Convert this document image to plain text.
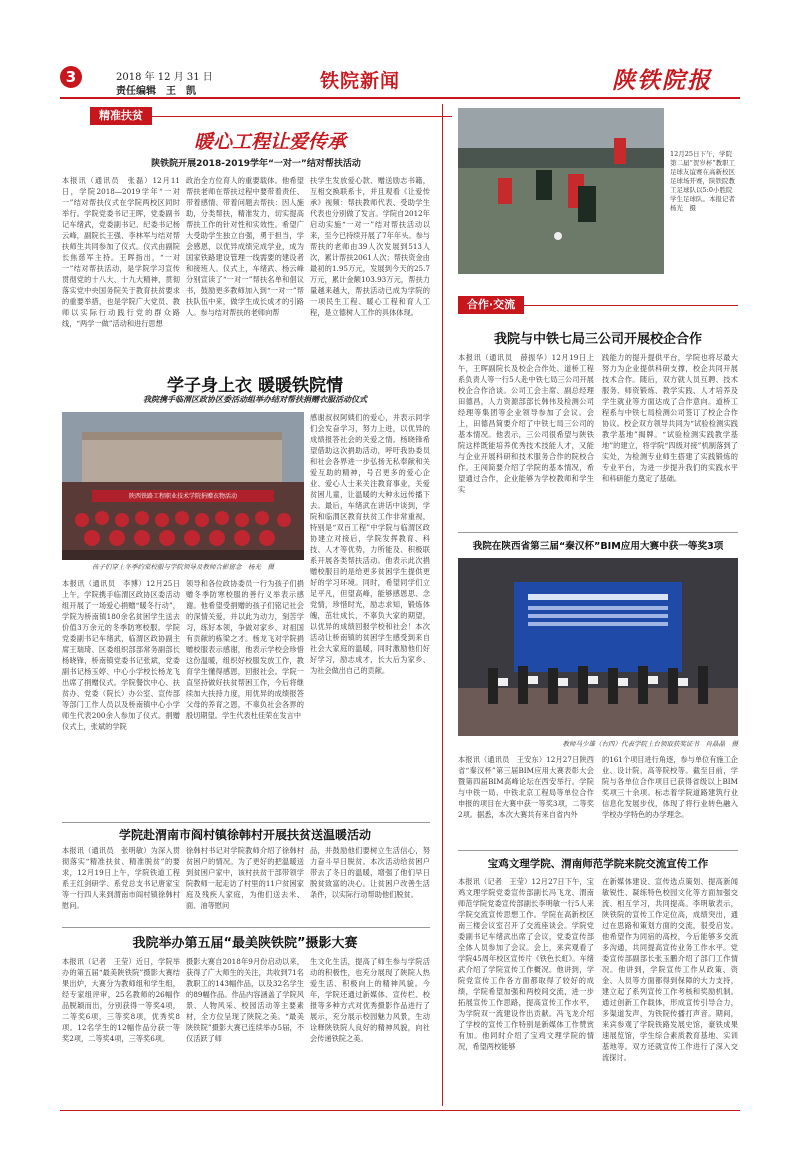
3	2018 年 12 月 31 日
责任编辑　王　凯	铁院新闻	陕铁院报
精准扶贫
暖心工程让爱传承
陕铁院开展2018-2019学年“一对一”结对帮扶活动
本报讯（通讯员　张磊）12月11日，学院2018—2019学年“一对一”结对帮扶仪式在学院两校区同时举行。学院党委书记王晖，党委副书记车绪武，党委副书记、纪委书记杨云峰，副院长王强、李林军与结对帮扶师生共同参加了仪式。仪式由副院长焦慈军主持。王晖指出，“一对一”结对帮扶活动，是学院学习宣传贯彻党的十八大、十九大精神，贯彻落实党中央国务院关于教育扶贫要求的重要举措，也是学院广大党员、教师以实际行动践行党的群众路线，“两学一做”活动和进行思想
政治全方位育人的重要载体。他希望帮扶老师在帮扶过程中要带着责任、带着感情、带着问题去帮扶：因人施助，分类帮扶，精准发力，切实提高帮扶工作的针对性和实效性。希望广大受助学生独立自强，勇于担当，学会感恩，以优异成绩完成学业，成为国家铁路建设管理一线需要的建设者和接班人。仪式上，车绪武、杨云峰分别宣读了“一对一”帮扶名单和倡议书，鼓励更多教师加入到“一对一”帮扶队伍中来，做学生成长成才的引路人。参与结对帮扶的老师向帮
扶学生发放爱心款、赠送励志书籍，互相交换联系卡，并且观看《让爱传承》视频：帮扶教师代表、受助学生代表也分别做了发言。学院自2012年启动实施“一对一”结对帮扶活动以来，至今已持续开展了7年年头。参与帮扶的老师由39人次发展到513人次，累计帮扶2061人次；帮扶资金由最初的1.95万元，发展到今天的25.7万元，累计金额103.93万元，帮扶力量越来越大，帮扶活动已成为学院的一项民生工程、暖心工程和育人工程，是立德树人工作的具体体现。
学子身上衣 暖暖铁院情
我院携手临渭区政协区委活动组举办结对帮扶捐赠衣服活动仪式
陕西铁路工程职业技术学院捐赠衣物活动
孩子们穿上冬季约棠校服与学院领导及教师合影留念　杨光　摄
本报讯（通讯员　李博）12月25日上午，学院携手临渭区政协区委活动组开展了一场爱心捐赠“暖冬行动”，学院为桥南镇180余名贫困学生送去价值3万余元的冬季防寒校服。学院党委副书记车绪武，临渭区政协副主席王瑞琦、区委组织部部常务副部长杨晓锋，桥南镇党委书记张斌，党委副书记杨玉婷、中心小学校长杨龙飞出席了捐赠仪式。学院餐饮中心、扶贫办、党委（院长）办公室、宣传部等部门工作人员以及桥南镇中心小学师生代表200余人参加了仪式。捐赠仪式上，张斌的学院
领导和各位政协委员一行为孩子们捐赠冬季防寒校服的善行义举表示感谢。他希望受捐赠的孩子们铭记社会的深情关爱，并以此为动力，刻苦学习，练好本领，争做对家乡、对祖国有贡献的栋梁之才。杨龙飞对学院捐赠校服表示感谢，他表示学校会珍惜这份温暖，组织好校服发放工作，教育学生懂得感恩，回报社会。学院一直坚持做好扶贫帮困工作，今后将继续加大扶持力度，用优异的成绩报答父母的养育之恩，不辜负社会各界的殷切期望。学生代表杜佳荣在发言中
感谢叔叔阿姨们的爱心，并表示同学们会发奋学习，努力上进，以优异的成绩报答社会的关爱之情。杨晓锋希望借助这次捐助活动，呼吁我协委员和社会各界进一步弘扬无私奉献和关爱互助的精神，号召更多的爱心企业、爱心人士来关注教育事业，关爱贫困儿童，让温暖的大种永远传播下去。最后，车绪武在讲话中谈到，学院和临渭区教育扶贫工作非常重视，特别是“双百工程”中学院与临渭区政协建立对接后，学院发挥教育、科技、人才等优势，力所能及、积极联系开展各类帮扶活动。他表示此次捐赠校服目的是给更多贫困学生提供更好的学习环境。同时，希望同学们立足平凡，但望高峰，能够感恩思、念党情，珍惜时光，励志求知，锻炼体魄，茁壮成长，不辜负大家的期望，以优异的成绩回报学校和社会！本次活动让桥南镇的贫困学生感受到来自社会大家庭的温暖，同时激励他们好好学习，励志成才，长大后为家乡、为社会做出自己的贡献。
学院赴渭南市阎村镇徐韩村开展扶贫送温暖活动
本报讯（通讯员　张明敏）为深入贯彻落实“精准扶贫、精准脱贫”的要求，12月19日上午，学院铁道工程系王红剑研学、系党总支书记唐家宝等一行四人来到渭南市阎村镇徐韩村慰问。
徐韩村书记对学院教师介绍了徐韩村贫困户的情况。为了更好的把温暖送到贫困户家中，该村扶贫干部带领学院教师一起走访了村里的11户贫困家庭及残疾人家庭，为他们送去米、面、油等慰问
品，并鼓励他们要树立生活信心，努力奋斗早日脱贫。本次活动给贫困户带去了冬日的温暖，增强了他们早日脱贫致富的决心。让贫困户改善生活条件，以实际行动帮助他们脱贫。
我院举办第五届“最美陕铁院”摄影大赛
本报讯（记者　王莹）近日，学院举办的第五届“最美陕铁院”摄影大赛结果出炉，大赛分为教师组和学生组，经专家组评审，25名教师的26幅作品脱颖而出，分别获得一等奖4项，二等奖6项，三等奖8项，优秀奖8项。12名学生的12幅作品分获一等奖2项，二等奖4项，三等奖6项。
摄影大赛自2018年9月份启动以来，获得了广大师生的关注，共收到71名教职工的143幅作品，以及32名学生的89幅作品。作品内容涵盖了学院风景、人物风采、校园活动等主要素材，全方位呈现了陕院之美。“最美陕铁院”摄影大赛已连续举办5届，不仅活跃了师
生文化生活，提高了师生参与学院活动的积极性，也充分展现了陕院人热爱生活、积极向上的精神风貌。今年，学院还通过新媒体、宣传栏、校报等多种方式对优秀摄影作品进行了展示，充分展示校园魅力风景，生动诠释陕铁院人良好的精神风貌，向社会传递铁院之美。
12月25日下午，学院第二届“贺岁杯”教职工足球友谊赛在高新校区足球场开赛，陕铁院教工足球队以5:0小胜院学生足球队。本报记者　杨光　摄
合作·交流
我院与中铁七局三公司开展校企合作
本报讯（通讯员　薛振华）12月19日上午，王晖副院长及校企合作处、道桥工程系负责人等一行5人赴中铁七局三公司开展校企合作洽谈。公司工会主席、副总经理田德昌，人力资源部部长韩伟及检测公司经理等集团等企业领导参加了会议。会上，田德昌简要介绍了中铁七局三公司的基本情况。他表示，三公司很希望与陕铁院这样既能培养优秀技术技能人才，又能与企业开展科研和技术服务合作的院校合作。王闯简要介绍了学院的基本情况，希望通过合作，企业能够为学校教师和学生实
践能力的提升提供平台，学院也将尽最大努力为企业提供科研支撑，校企共同开展技术合作。随后，双方就人员互聘、技术服务、师资锻炼、教学实践、人才培养及学生就业等方面达成了合作意向。道桥工程系与中铁七局检测公司签订了校企合作协议。校企双方领导共同为“试验检测实践教学基地”揭牌。“试验检测实践教学基地”的建立，将学院“四级对接”机制落到了实处，为检测专业师生搭建了实践锻炼的专业平台，为进一步提升我们的实践水平和科研能力奠定了基础。
我院在陕西省第三届“秦汉杯”BIM应用大赛中获一等奖3项
教师马少雄（右四）代表学院上台领取获奖证书　肖晶晶　摄
本报讯（通讯员　王安东）12月27日陕西省“秦汉杯”第三届BIM应用大赛表彰大会暨第四届BIM高峰论坛在西安举行。学院与中铁一局、中铁北京工程局等单位合作申报的项目在大赛中获一等奖3项，二等奖2项。据悉，本次大赛共有来自省内外
的161个项目进行角逐，参与单位有施工企业、设计院、高等院校等。截至目前，学院与各单位合作项目已获得省级以上BIM奖项三十余项。标志着学院道路建筑行业信息化发展步伐，体现了将行业转色融入学校办学特色的办学理念。
宝鸡文理学院、渭南师范学院来院交流宣传工作
本报讯（记者　王莹）12月27日下午，宝鸡文理学院党委宣传部副长冯飞龙、渭南师范学院党委宣传部副长李明敏一行5人来学院交流宣传思想工作。学院在高新校区南三楼会议室召开了交流座谈会。学院党委副书记车绪武出席了会议，党委宣传部全体人员参加了会议。会上，来宾观看了学院45周年校区宣传片《铁色长虹》。车绪武介绍了学院宣传工作概况。他讲到，学院党宣传工作各方面都取得了较好的成绩，学院希望加强和两校间交流，进一步拓展宣传工作思路，提高宣传工作水平，为学院双一流建设作出贡献。冯飞龙介绍了学校的宣传工作特别是新媒体工作赞赏有加。他同时介绍了宝鸡文理学院的情况，希望两校能够
在新媒体建设、宣传选点策划、提高新闻敏锐性、凝练特色校园文化等方面加强交流、相互学习，共同提高。李明敏表示，陕铁院的宣传工作定位高，成绩突出，通过在思路和策划方面的交流，很受启发。他希望作为同宿的高校，今后能够多交流多沟通，共同提高宣传业务工作水平。党委宣传部副部长张玉鹏介绍了部门工作情况。他讲到，学院宣传工作从政策、资金、人员等方面都得到保障的大力支持，建立起了系列宣传工作考核和奖励机制。通过创新工作载体，形成宣传引导合力，多渠道发声，为铁院传播打声音。期间，来宾参观了学院铁路发展史馆，豪铁成果速展览馆，学生综合素质教育基地、实训基地等。双方还就宣传工作进行了深入交流探讨。
